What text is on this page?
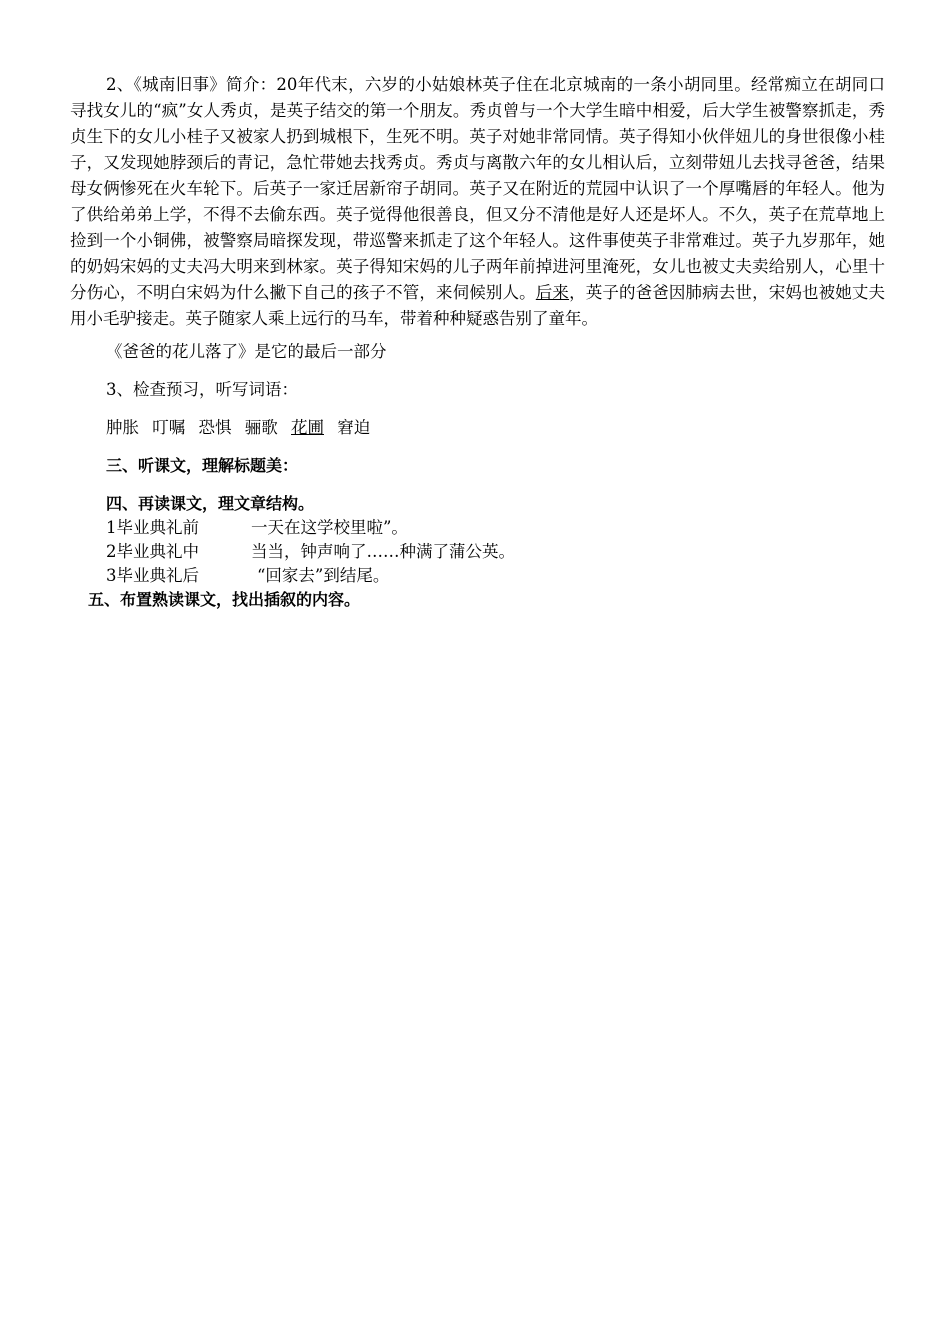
2、《城南旧事》简介：20年代末，六岁的小姑娘林英子住在北京城南的一条小胡同里。经常痴立在胡同口寻找女儿的“疯”女人秀贞，是英子结交的第一个朋友。秀贞曾与一个大学生暗中相爱，后大学生被警察抓走，秀贞生下的女儿小桂子又被家人扔到城根下，生死不明。英子对她非常同情。英子得知小伙伴妞儿的身世很像小桂子，又发现她脖颈后的青记，急忙带她去找秀贞。秀贞与离散六年的女儿相认后，立刻带妞儿去找寻爸爸，结果母女俩惨死在火车轮下。后英子一家迁居新帘子胡同。英子又在附近的荒园中认识了一个厚嘴唇的年轻人。他为了供给弟弟上学，不得不去偷东西。英子觉得他很善良，但又分不清他是好人还是坏人。不久，英子在荒草地上捡到一个小铜佛，被警察局暗探发现，带巡警来抓走了这个年轻人。这件事使英子非常难过。英子九岁那年，她的奶妈宋妈的丈夫冯大明来到林家。英子得知宋妈的儿子两年前掉进河里淹死，女儿也被丈夫卖给别人，心里十分伤心，不明白宋妈为什么撇下自己的孩子不管，来伺候别人。后来，英子的爸爸因肺病去世，宋妈也被她丈夫用小毛驴接走。英子随家人乘上远行的马车，带着种种疑惑告别了童年。

《爸爸的花儿落了》是它的最后一部分

3、检查预习，听写词语：

肿胀 叮嘱 恐惧 骊歌 花圃 窘迫

三、听课文，理解标题美：

四、再读课文，理文章结构。

1毕业典礼前	一天在这学校里啦”。

2毕业典礼中	当当，钟声响了……种满了蒲公英。

3毕业典礼后	“回家去”到结尾。

五、布置熟读课文，找出插叙的内容。
